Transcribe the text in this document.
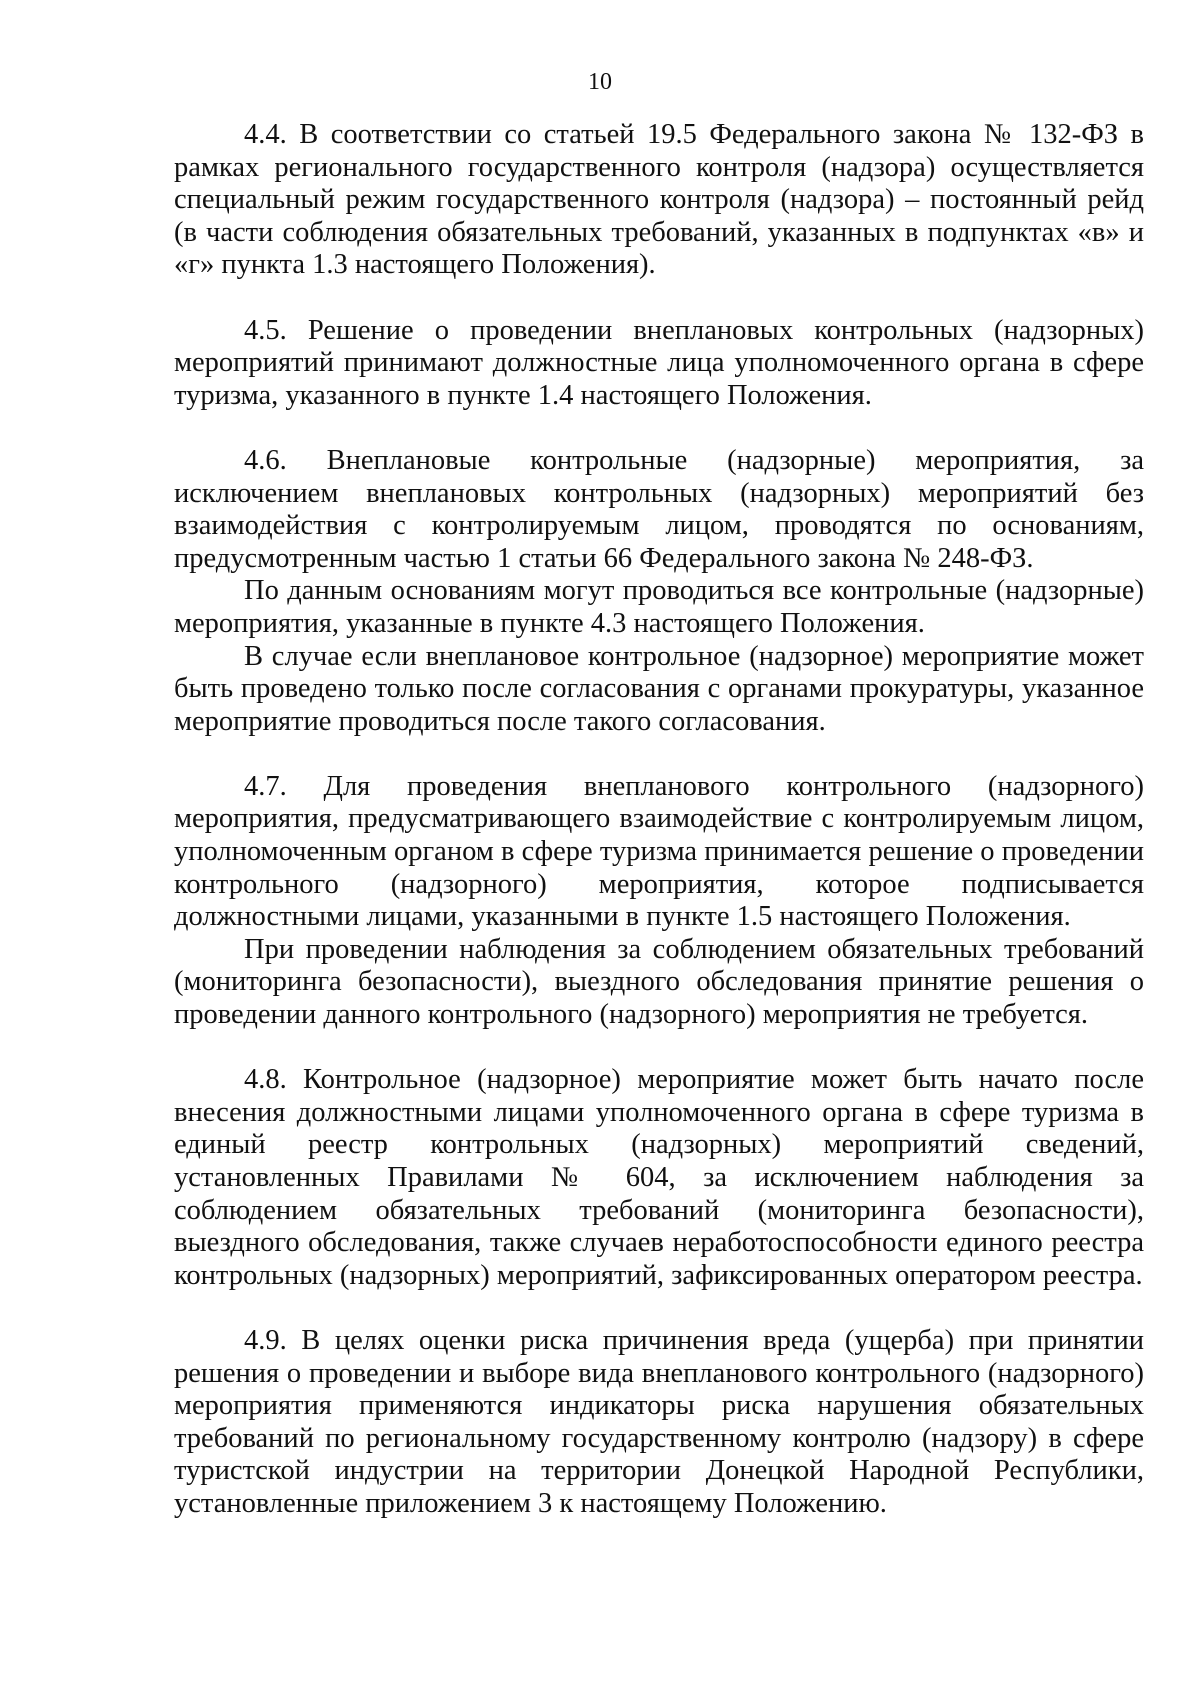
10

4.4. В соответствии со статьей 19.5 Федерального закона № 132-ФЗ в рамках регионального государственного контроля (надзора) осуществляется специальный режим государственного контроля (надзора) – постоянный рейд (в части соблюдения обязательных требований, указанных в подпунктах «в» и «г» пункта 1.3 настоящего Положения).

4.5. Решение о проведении внеплановых контрольных (надзорных) мероприятий принимают должностные лица уполномоченного органа в сфере туризма, указанного в пункте 1.4 настоящего Положения.

4.6. Внеплановые контрольные (надзорные) мероприятия, за исключением внеплановых контрольных (надзорных) мероприятий без взаимодействия с контролируемым лицом, проводятся по основаниям, предусмотренным частью 1 статьи 66 Федерального закона № 248-ФЗ.

По данным основаниям могут проводиться все контрольные (надзорные) мероприятия, указанные в пункте 4.3 настоящего Положения.

В случае если внеплановое контрольное (надзорное) мероприятие может быть проведено только после согласования с органами прокуратуры, указанное мероприятие проводиться после такого согласования.

4.7. Для проведения внепланового контрольного (надзорного) мероприятия, предусматривающего взаимодействие с контролируемым лицом, уполномоченным органом в сфере туризма принимается решение о проведении контрольного (надзорного) мероприятия, которое подписывается должностными лицами, указанными в пункте 1.5 настоящего Положения.

При проведении наблюдения за соблюдением обязательных требований (мониторинга безопасности), выездного обследования принятие решения о проведении данного контрольного (надзорного) мероприятия не требуется.

4.8. Контрольное (надзорное) мероприятие может быть начато после внесения должностными лицами уполномоченного органа в сфере туризма в единый реестр контрольных (надзорных) мероприятий сведений, установленных Правилами № 604, за исключением наблюдения за соблюдением обязательных требований (мониторинга безопасности), выездного обследования, также случаев неработоспособности единого реестра контрольных (надзорных) мероприятий, зафиксированных оператором реестра.

4.9. В целях оценки риска причинения вреда (ущерба) при принятии решения о проведении и выборе вида внепланового контрольного (надзорного) мероприятия применяются индикаторы риска нарушения обязательных требований по региональному государственному контролю (надзору) в сфере туристской индустрии на территории Донецкой Народной Республики, установленные приложением 3 к настоящему Положению.
